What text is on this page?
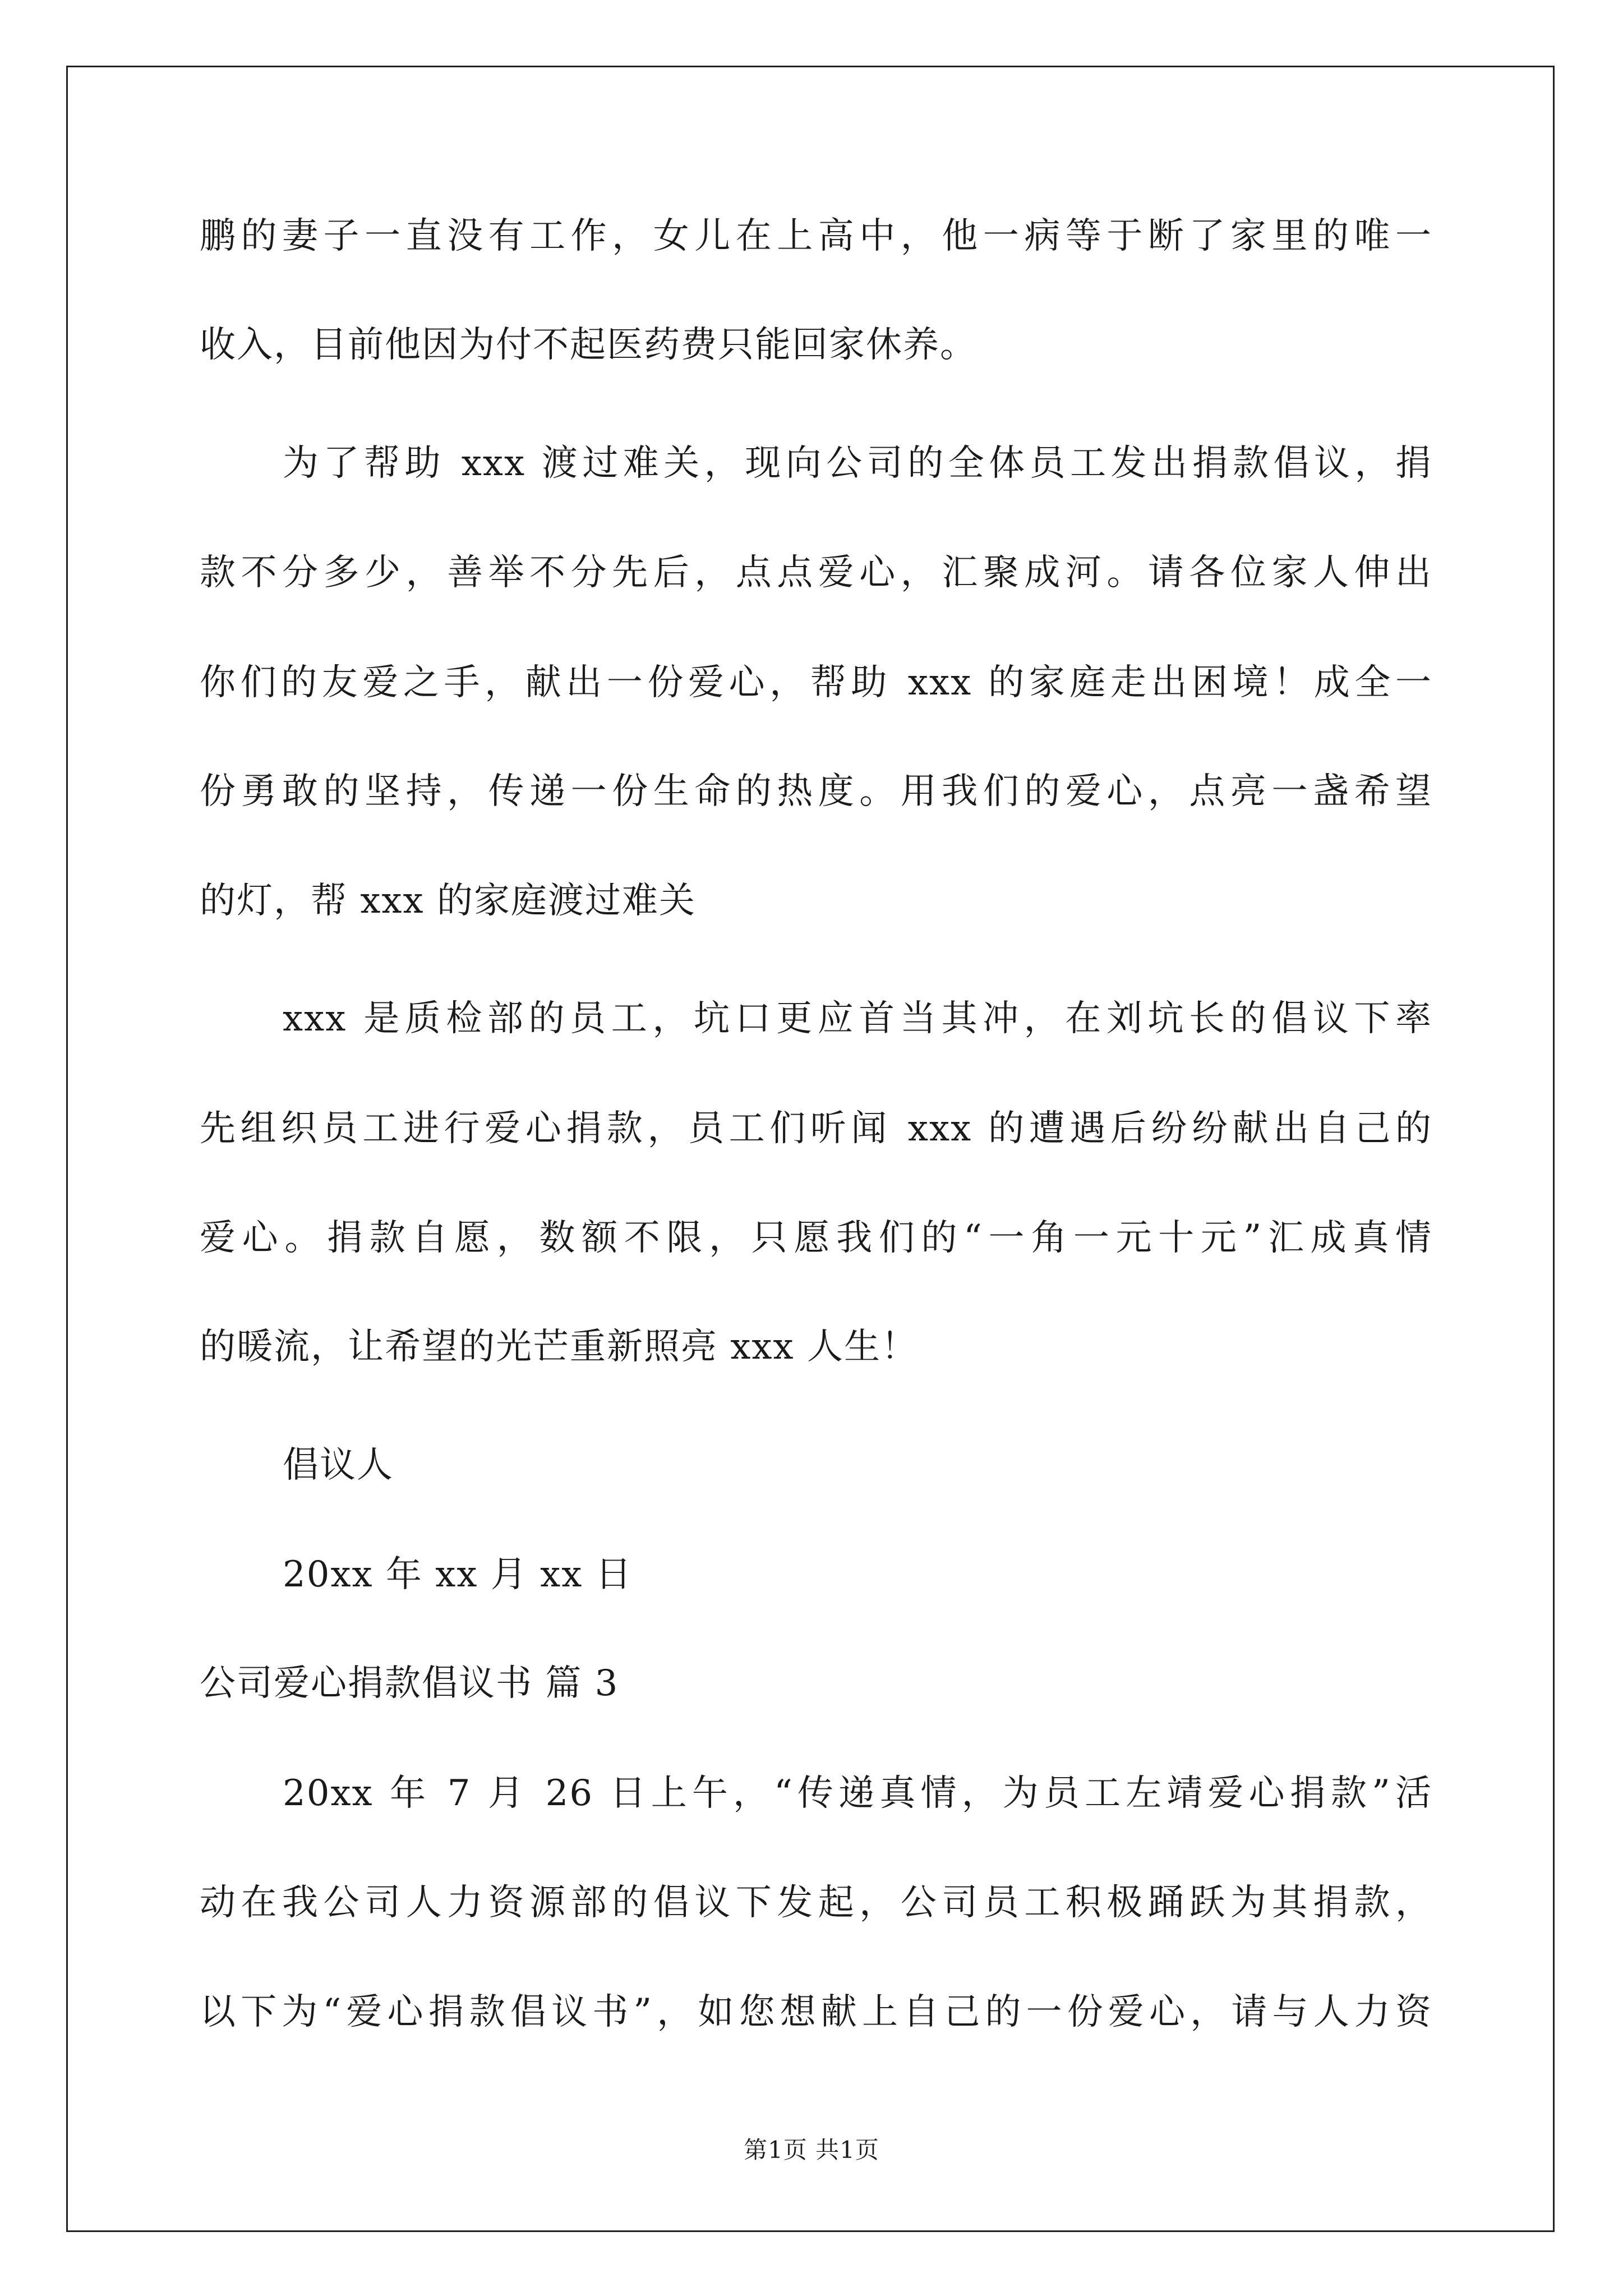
鹏的妻子一直没有工作，女儿在上高中，他一病等于断了家里的唯一

收入，目前他因为付不起医药费只能回家休养。

为了帮助 xxx 渡过难关，现向公司的全体员工发出捐款倡议，捐

款不分多少，善举不分先后，点点爱心，汇聚成河。请各位家人伸出

你们的友爱之手，献出一份爱心，帮助 xxx 的家庭走出困境！成全一

份勇敢的坚持，传递一份生命的热度。用我们的爱心，点亮一盏希望

的灯，帮 xxx 的家庭渡过难关

xxx 是质检部的员工，坑口更应首当其冲，在刘坑长的倡议下率

先组织员工进行爱心捐款，员工们听闻 xxx 的遭遇后纷纷献出自己的

爱心。捐款自愿，数额不限，只愿我们的“一角一元十元”汇成真情

的暖流，让希望的光芒重新照亮 xxx 人生！

倡议人

20xx 年 xx 月 xx 日

公司爱心捐款倡议书 篇 3

20xx 年 7 月 26 日上午，“传递真情，为员工左靖爱心捐款”活

动在我公司人力资源部的倡议下发起，公司员工积极踊跃为其捐款，

以下为“爱心捐款倡议书”，如您想献上自己的一份爱心，请与人力资

第1页 共1页
